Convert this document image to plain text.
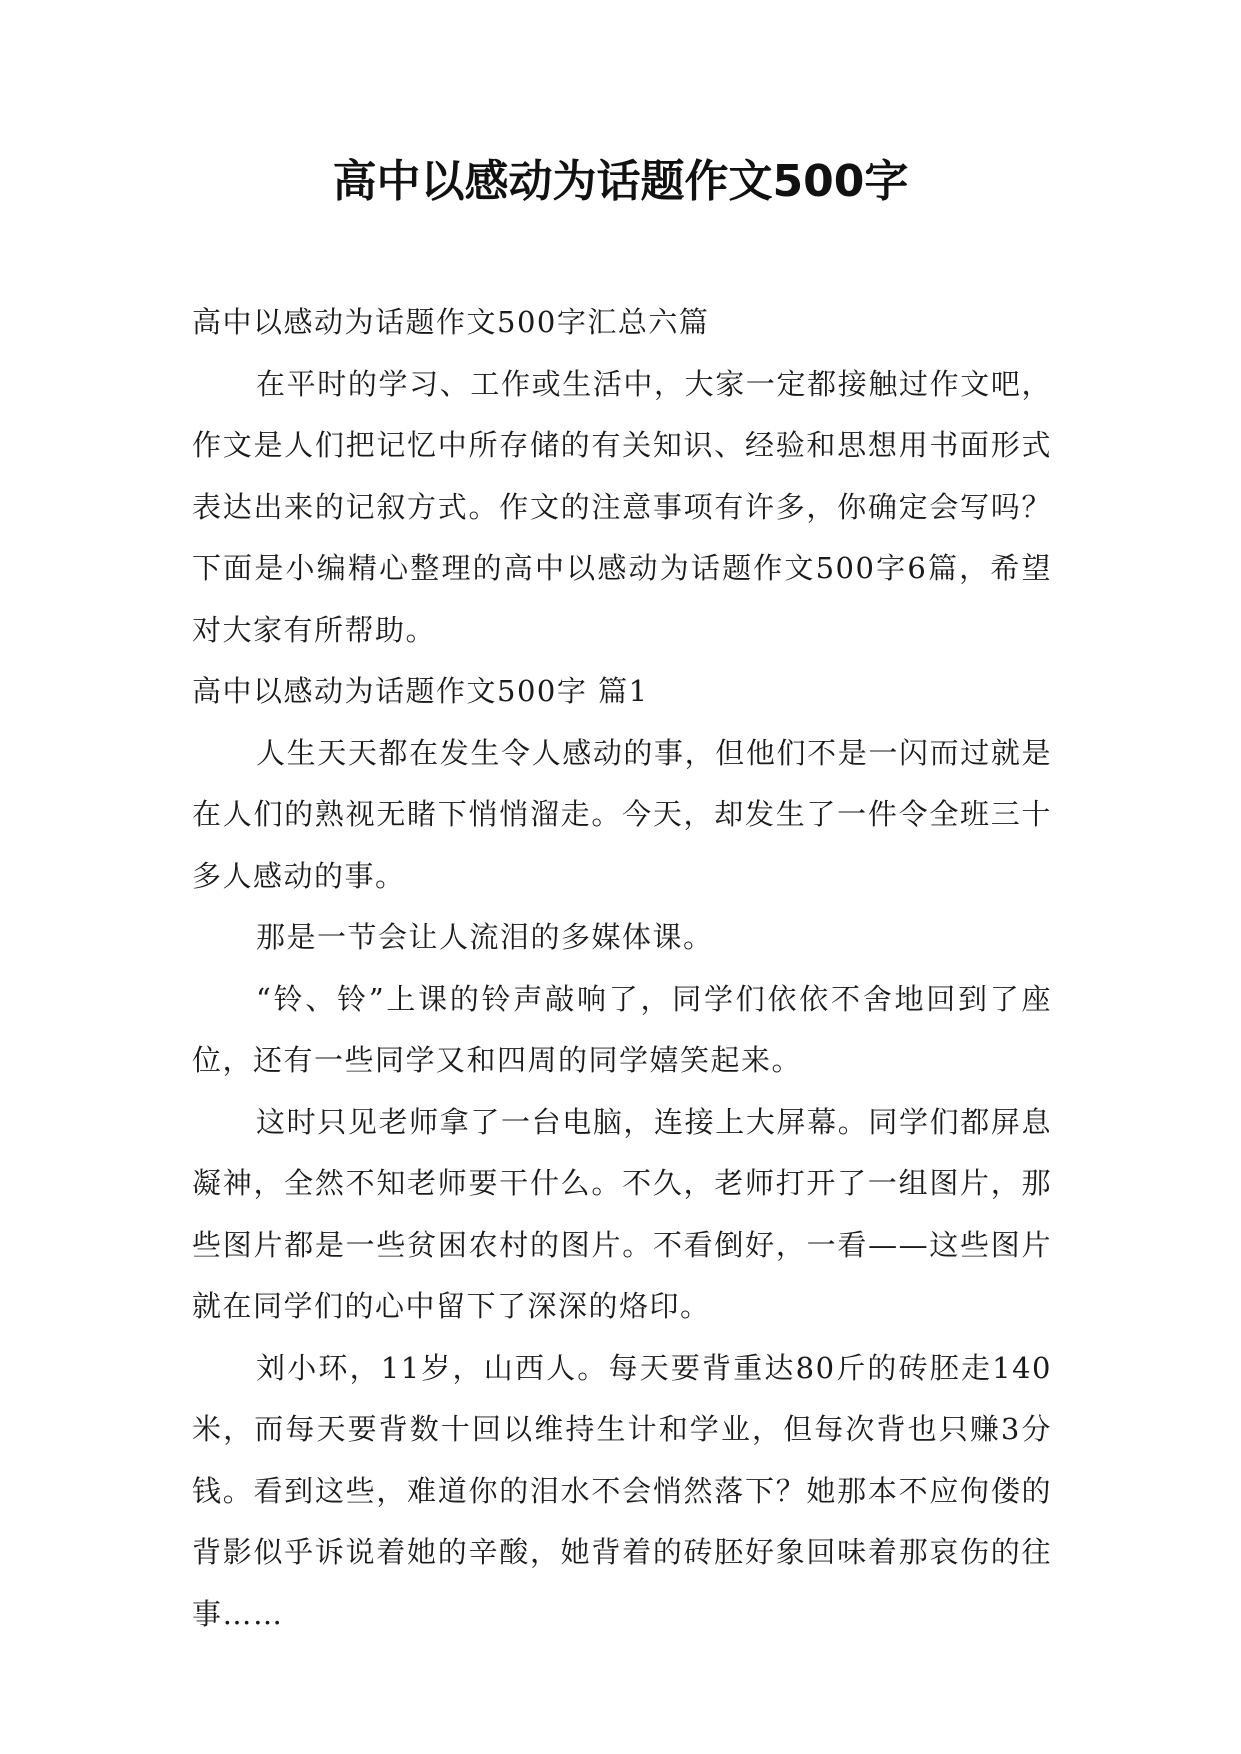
高中以感动为话题作文500字

高中以感动为话题作文500字汇总六篇

在平时的学习、工作或生活中，大家一定都接触过作文吧，作文是人们把记忆中所存储的有关知识、经验和思想用书面形式表达出来的记叙方式。作文的注意事项有许多，你确定会写吗？下面是小编精心整理的高中以感动为话题作文500字6篇，希望对大家有所帮助。

高中以感动为话题作文500字 篇1

人生天天都在发生令人感动的事，但他们不是一闪而过就是在人们的熟视无睹下悄悄溜走。今天，却发生了一件令全班三十多人感动的事。

那是一节会让人流泪的多媒体课。

“铃、铃”上课的铃声敲响了，同学们依依不舍地回到了座位，还有一些同学又和四周的同学嬉笑起来。

这时只见老师拿了一台电脑，连接上大屏幕。同学们都屏息凝神，全然不知老师要干什么。不久，老师打开了一组图片，那些图片都是一些贫困农村的图片。不看倒好，一看——这些图片就在同学们的心中留下了深深的烙印。

刘小环，11岁，山西人。每天要背重达80斤的砖胚走140米，而每天要背数十回以维持生计和学业，但每次背也只赚3分钱。看到这些，难道你的泪水不会悄然落下？她那本不应佝偻的背影似乎诉说着她的辛酸，她背着的砖胚好象回味着那哀伤的往事……
